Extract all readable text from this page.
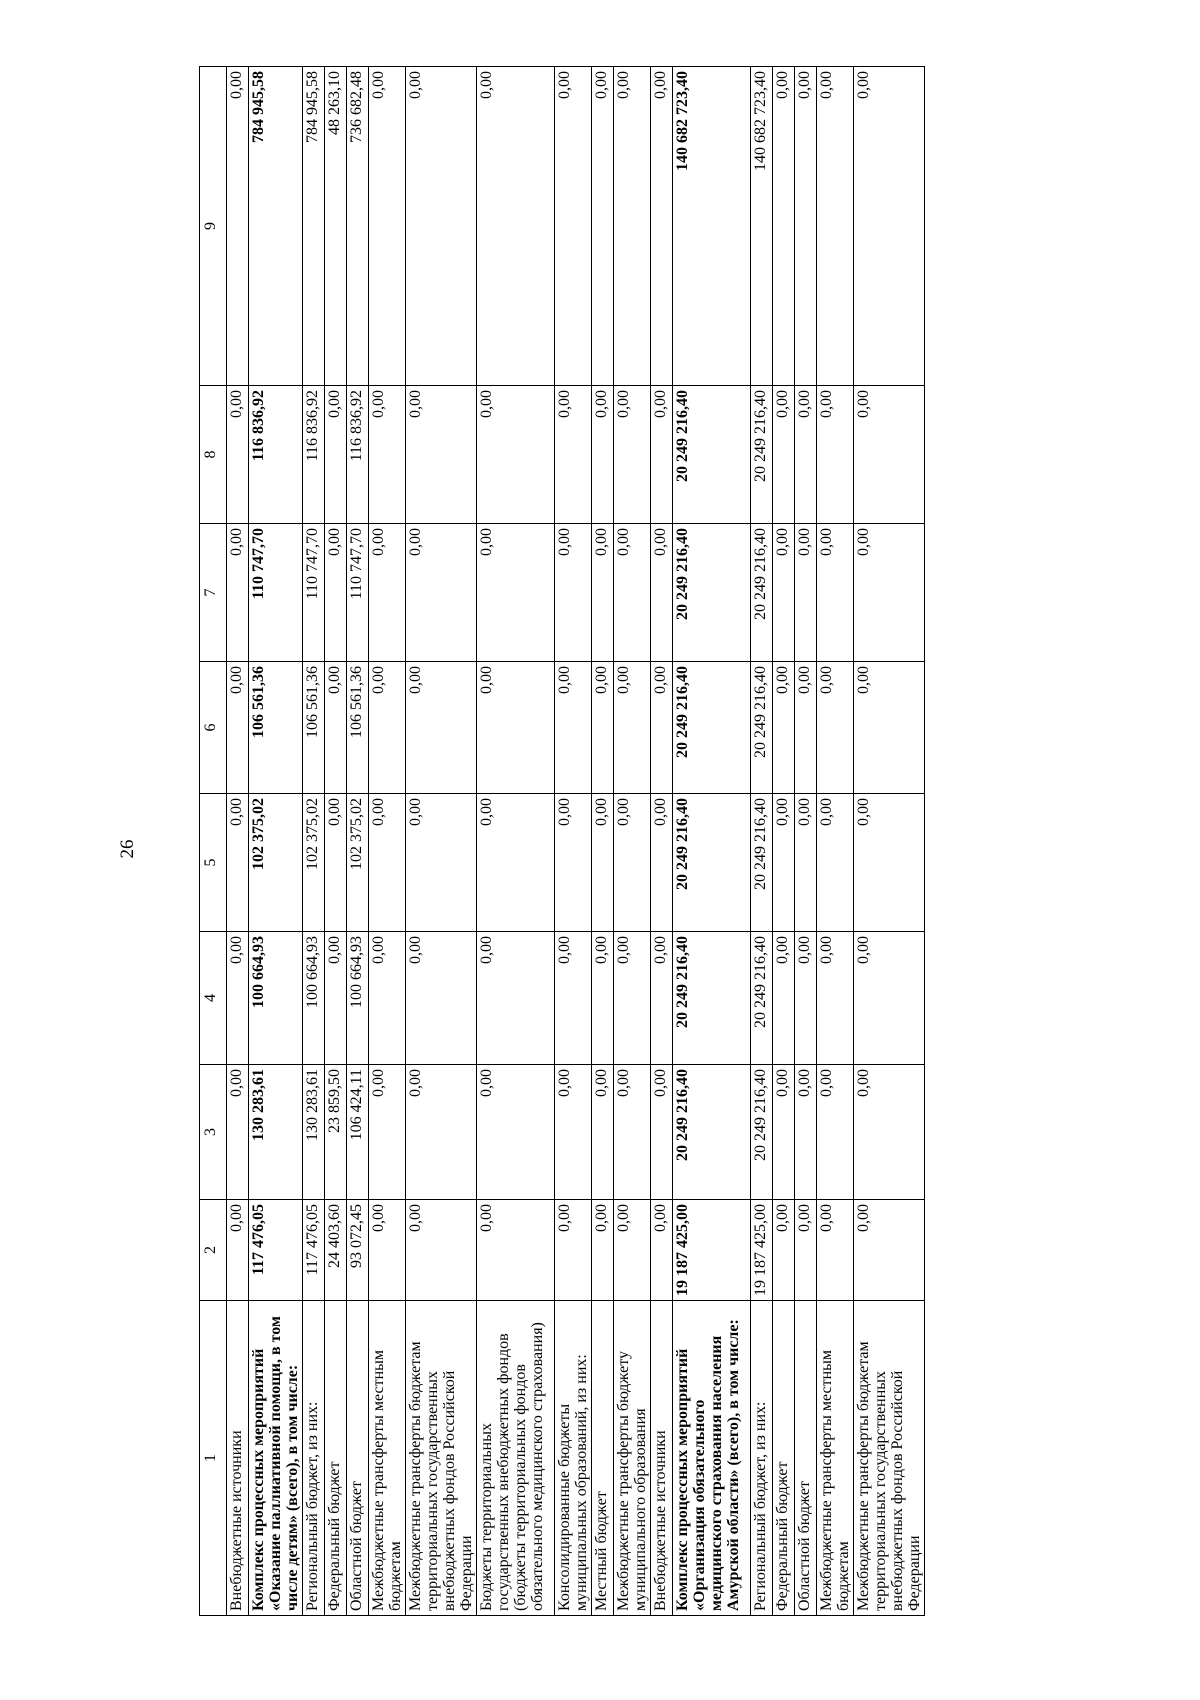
26
1	2	3	4	5	6	7	8	9
Внебюджетные источники	0,00	0,00	0,00	0,00	0,00	0,00	0,00	0,00
Комплекс процессных мероприятий «Оказание паллиативной помощи, в том числе детям» (всего), в том числе:	117 476,05	130 283,61	100 664,93	102 375,02	106 561,36	110 747,70	116 836,92	784 945,58
Региональный бюджет, из них:	117 476,05	130 283,61	100 664,93	102 375,02	106 561,36	110 747,70	116 836,92	784 945,58
Федеральный бюджет	24 403,60	23 859,50	0,00	0,00	0,00	0,00	0,00	48 263,10
Областной бюджет	93 072,45	106 424,11	100 664,93	102 375,02	106 561,36	110 747,70	116 836,92	736 682,48
Межбюджетные трансферты местным бюджетам	0,00	0,00	0,00	0,00	0,00	0,00	0,00	0,00
Межбюджетные трансферты бюджетам территориальных государственных внебюджетных фондов Российской Федерации	0,00	0,00	0,00	0,00	0,00	0,00	0,00	0,00
Бюджеты территориальных государственных внебюджетных фондов (бюджеты территориальных фондов обязательного медицинского страхования)	0,00	0,00	0,00	0,00	0,00	0,00	0,00	0,00
Консолидированные бюджеты муниципальных образований, из них:	0,00	0,00	0,00	0,00	0,00	0,00	0,00	0,00
Местный бюджет	0,00	0,00	0,00	0,00	0,00	0,00	0,00	0,00
Межбюджетные трансферты бюджету муниципального образования	0,00	0,00	0,00	0,00	0,00	0,00	0,00	0,00
Внебюджетные источники	0,00	0,00	0,00	0,00	0,00	0,00	0,00	0,00
Комплекс процессных мероприятий «Организация обязательного медицинского страхования населения Амурской области» (всего), в том числе:	19 187 425,00	20 249 216,40	20 249 216,40	20 249 216,40	20 249 216,40	20 249 216,40	20 249 216,40	140 682 723,40
Региональный бюджет, из них:	19 187 425,00	20 249 216,40	20 249 216,40	20 249 216,40	20 249 216,40	20 249 216,40	20 249 216,40	140 682 723,40
Федеральный бюджет	0,00	0,00	0,00	0,00	0,00	0,00	0,00	0,00
Областной бюджет	0,00	0,00	0,00	0,00	0,00	0,00	0,00	0,00
Межбюджетные трансферты местным бюджетам	0,00	0,00	0,00	0,00	0,00	0,00	0,00	0,00
Межбюджетные трансферты бюджетам территориальных государственных внебюджетных фондов Российской Федерации	0,00	0,00	0,00	0,00	0,00	0,00	0,00	0,00
